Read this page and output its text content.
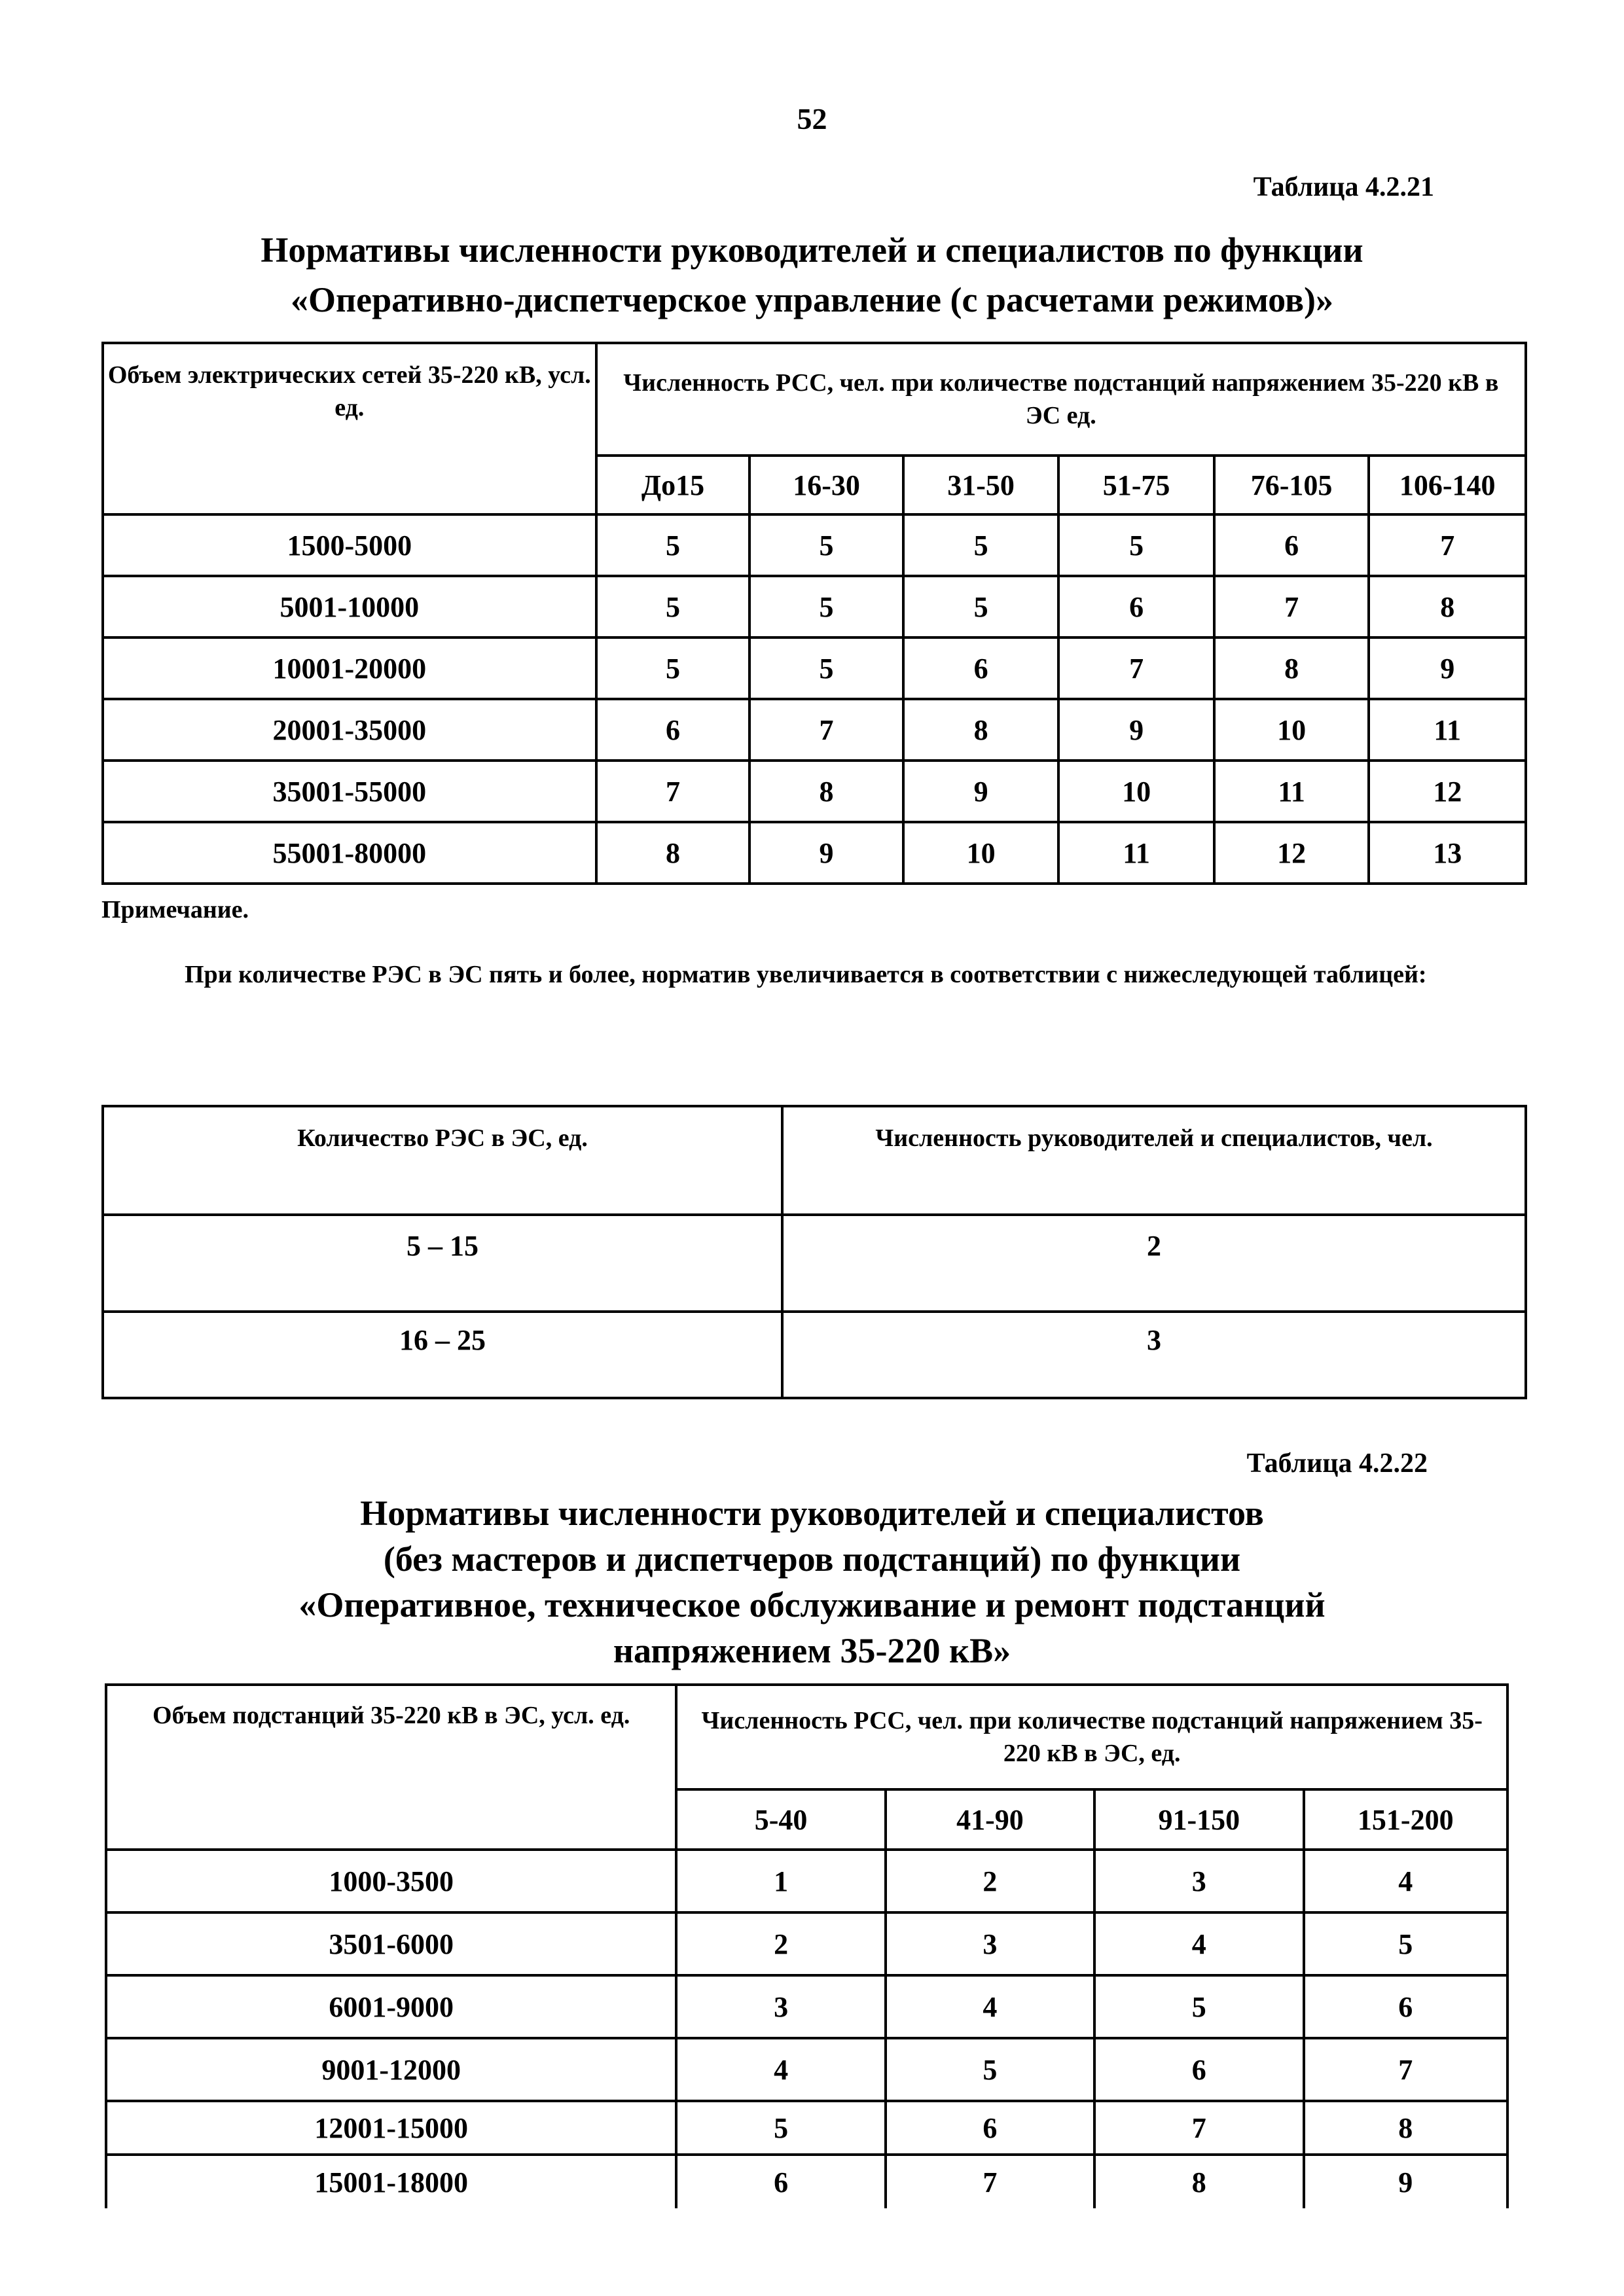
52
Таблица 4.2.21
Нормативы численности руководителей и специалистов по функции
«Оперативно-диспетчерское управление (с расчетами режимов)»
Объем электрических сетей 35-220 кВ, усл. ед.	Численность РСС, чел. при количестве подстанций напряжением 35-220 кВ в ЭС ед.					
	До15	16-30	31-50	51-75	76-105	106-140
1500-5000	5	5	5	5	6	7
5001-10000	5	5	5	6	7	8
10001-20000	5	5	6	7	8	9
20001-35000	6	7	8	9	10	11
35001-55000	7	8	9	10	11	12
55001-80000	8	9	10	11	12	13
Примечание.
При количестве РЭС в ЭС пять и более, норматив увеличивается в соответствии с нижеследующей таблицей:
Количество РЭС в ЭС, ед.	Численность руководителей и специалистов, чел.
5 – 15	2
16 – 25	3
Таблица 4.2.22
Нормативы численности руководителей и специалистов
(без мастеров и диспетчеров подстанций) по функции
«Оперативное, техническое обслуживание и ремонт подстанций
напряжением 35-220 кВ»
Объем подстанций 35-220 кВ в ЭС, усл. ед.	Численность РСС, чел. при количестве подстанций напряжением 35- 220 кВ в ЭС, ед.			
	5-40	41-90	91-150	151-200
1000-3500	1	2	3	4
3501-6000	2	3	4	5
6001-9000	3	4	5	6
9001-12000	4	5	6	7
12001-15000	5	6	7	8
15001-18000	6	7	8	9
